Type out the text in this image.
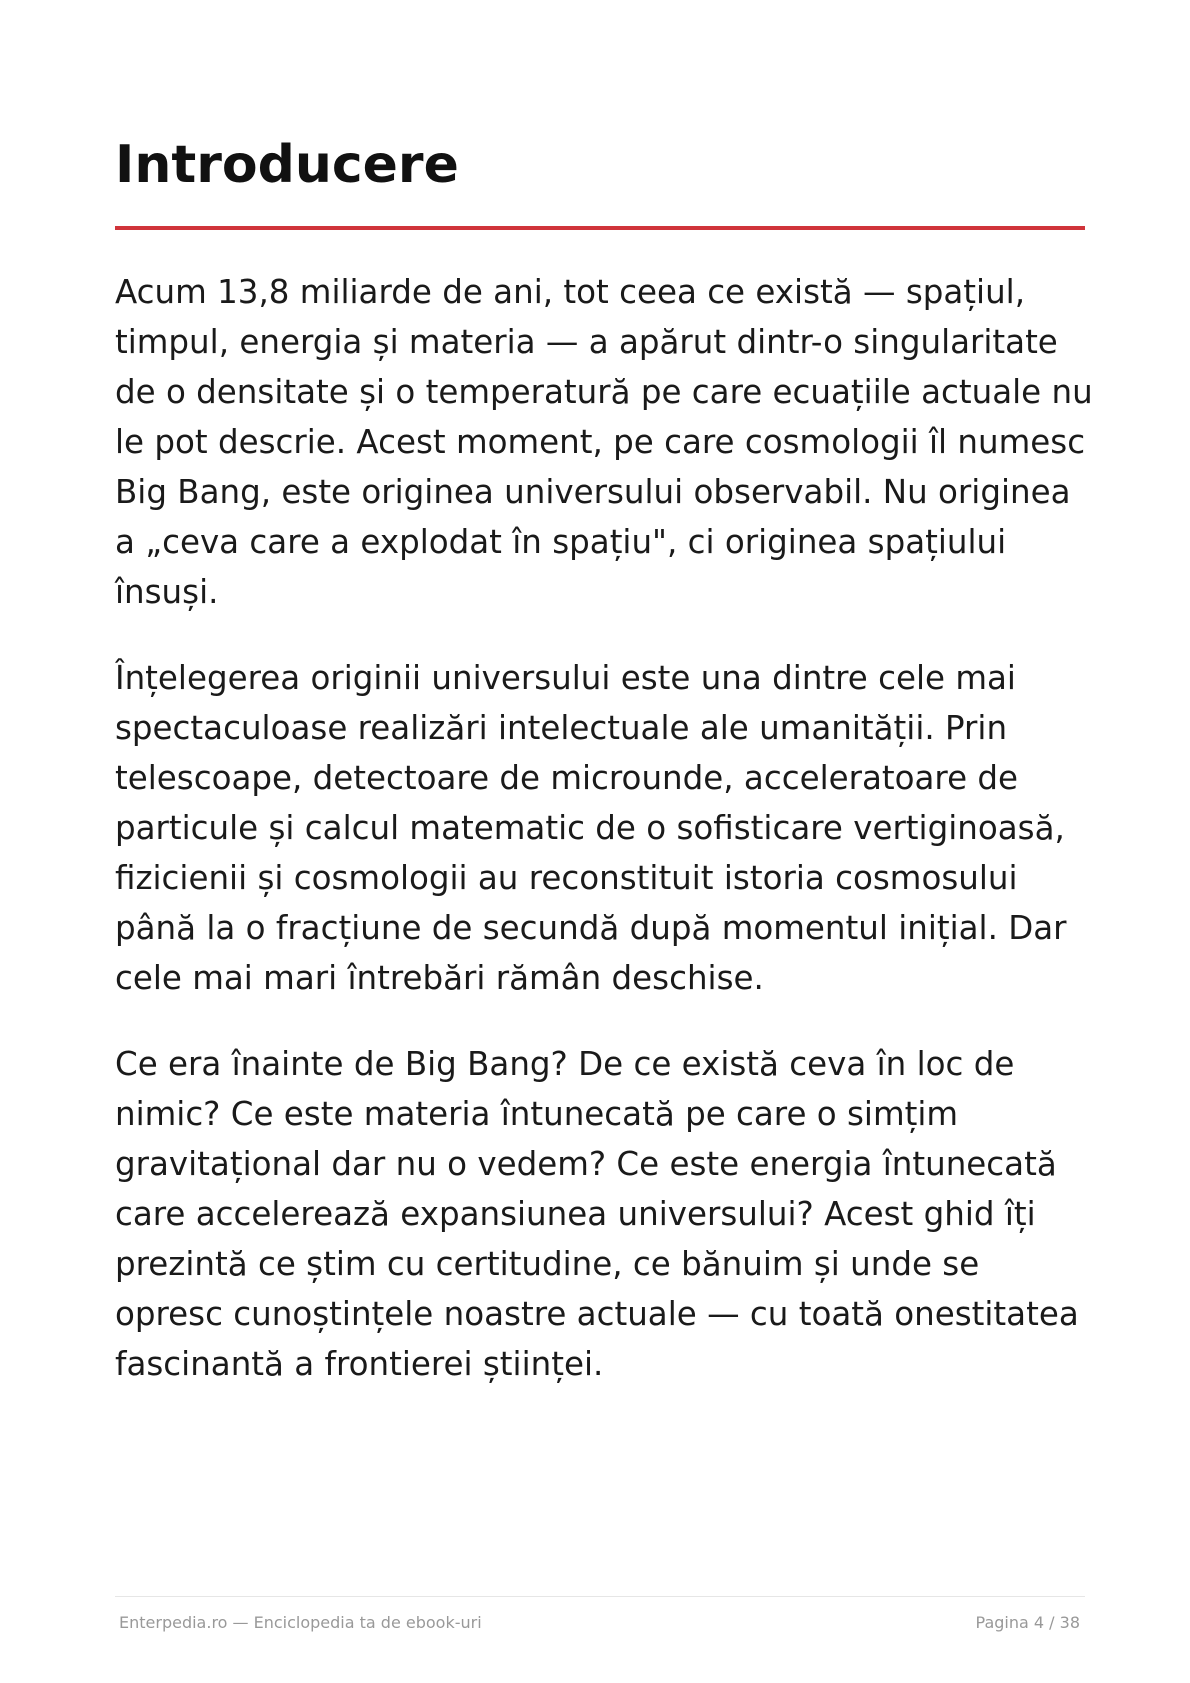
Introducere

Acum 13,8 miliarde de ani, tot ceea ce există — spațiul,
timpul, energia și materia — a apărut dintr-o singularitate
de o densitate și o temperatură pe care ecuațiile actuale nu
le pot descrie. Acest moment, pe care cosmologii îl numesc
Big Bang, este originea universului observabil. Nu originea
a „ceva care a explodat în spațiu", ci originea spațiului
însuși.

Înțelegerea originii universului este una dintre cele mai
spectaculoase realizări intelectuale ale umanității. Prin
telescoape, detectoare de microunde, acceleratoare de
particule și calcul matematic de o sofisticare vertiginoasă,
fizicienii și cosmologii au reconstituit istoria cosmosului
până la o fracțiune de secundă după momentul inițial. Dar
cele mai mari întrebări rămân deschise.

Ce era înainte de Big Bang? De ce există ceva în loc de
nimic? Ce este materia întunecată pe care o simțim
gravitațional dar nu o vedem? Ce este energia întunecată
care accelerează expansiunea universului? Acest ghid îți
prezintă ce știm cu certitudine, ce bănuim și unde se
opresc cunoștințele noastre actuale — cu toată onestitatea
fascinantă a frontierei științei.

Enterpedia.ro — Enciclopedia ta de ebook-uri	Pagina 4 / 38
